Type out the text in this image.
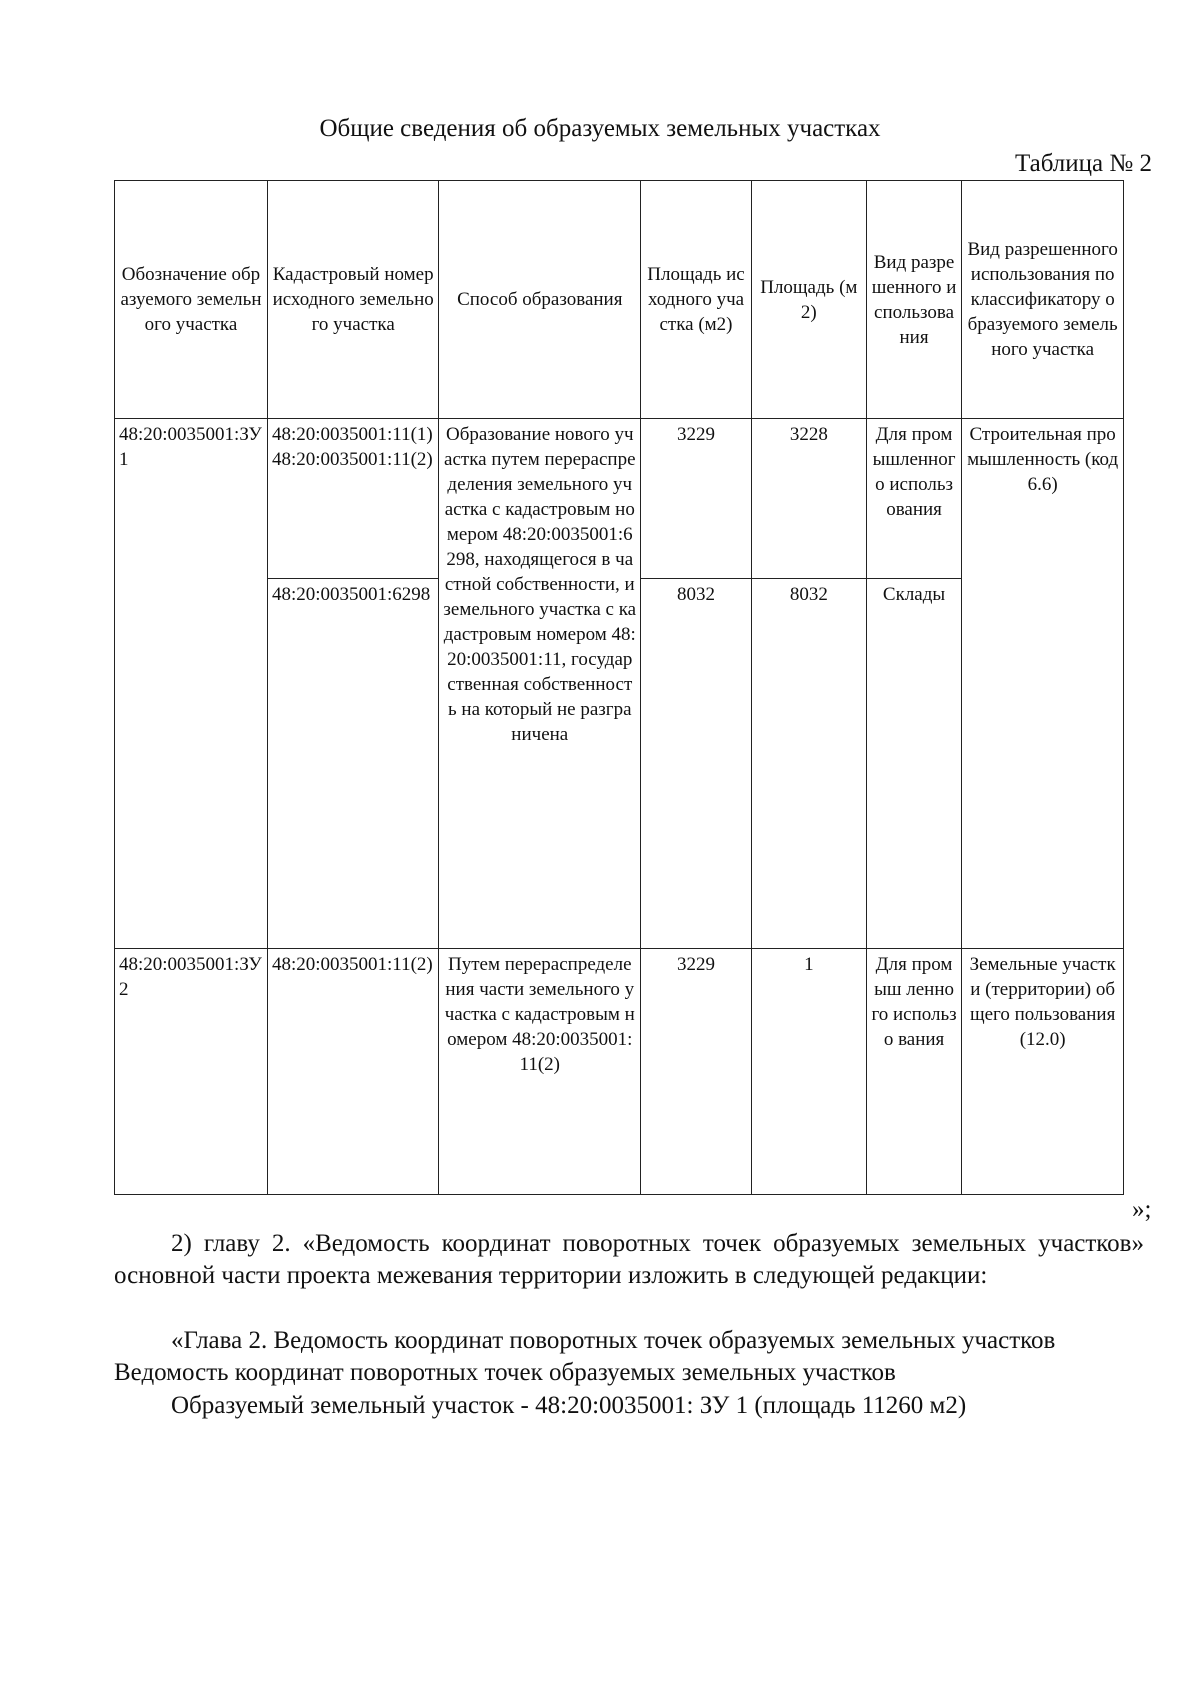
Общие сведения об образуемых земельных участках
Таблица № 2
Обозначение образуемого земельного участка	Кадастровый номер исходного земельного участка	Способ образования	Площадь исходного участка (м2)	Площадь (м2)	Вид разрешенного использования	Вид разрешенного использования по классификатору образуемого земельного участка
48:20:0035001:ЗУ 1	48:20:0035001:11(1) 48:20:0035001:11(2)	Образование нового участка путем перераспределения земельного участка с кадастровым номером 48:20:0035001:6298, находящегося в частной собственности, и земельного участка с кадастровым номером 48:20:0035001:11, государственная собственность на который не разграничена	3229	3228	Для промышленного использования	Строительная промышленность (код 6.6)
	48:20:0035001:6298		8032	8032	Склады	
48:20:0035001:ЗУ 2	48:20:0035001:11(2)	Путем перераспределения части земельного участка с кадастровым номером 48:20:0035001:11(2)	3229	1	Для промыш ленного использо вания	Земельные участки (территории) общего пользования (12.0)
»;
2) главу 2. «Ведомость координат поворотных точек образуемых земельных участков» основной части проекта межевания территории изложить в следующей редакции:
«Глава 2. Ведомость координат поворотных точек образуемых земельных участков Ведомость координат поворотных точек образуемых земельных участков
Образуемый земельный участок - 48:20:0035001: ЗУ 1 (площадь 11260 м2)
